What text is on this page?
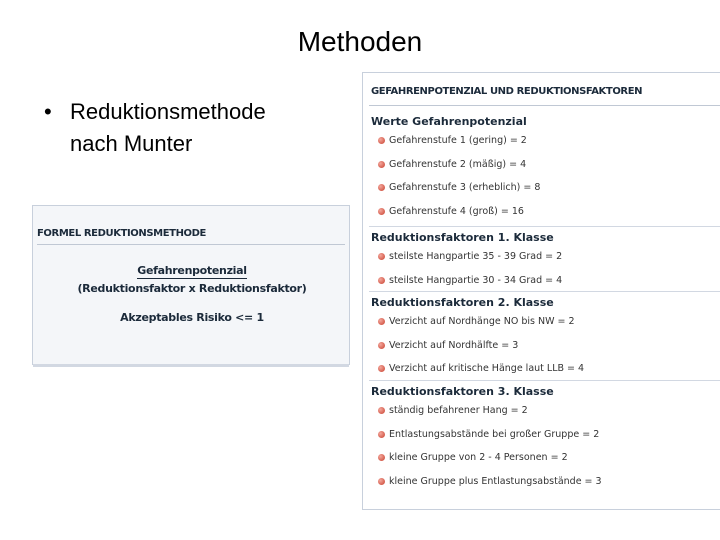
Methoden
• Reduktionsmethode
nach Munter
FORMEL REDUKTIONSMETHODE
Gefahrenpotenzial
(Reduktionsfaktor x Reduktionsfaktor)
Akzeptables Risiko <= 1
GEFAHRENPOTENZIAL UND REDUKTIONSFAKTOREN
Werte Gefahrenpotenzial
Gefahrenstufe 1 (gering) = 2
Gefahrenstufe 2 (mäßig) = 4
Gefahrenstufe 3 (erheblich) = 8
Gefahrenstufe 4 (groß) = 16
Reduktionsfaktoren 1. Klasse
steilste Hangpartie 35 - 39 Grad = 2
steilste Hangpartie 30 - 34 Grad = 4
Reduktionsfaktoren 2. Klasse
Verzicht auf Nordhänge NO bis NW = 2
Verzicht auf Nordhälfte = 3
Verzicht auf kritische Hänge laut LLB = 4
Reduktionsfaktoren 3. Klasse
ständig befahrener Hang = 2
Entlastungsabstände bei großer Gruppe = 2
kleine Gruppe von 2 - 4 Personen = 2
kleine Gruppe plus Entlastungsabstände = 3
